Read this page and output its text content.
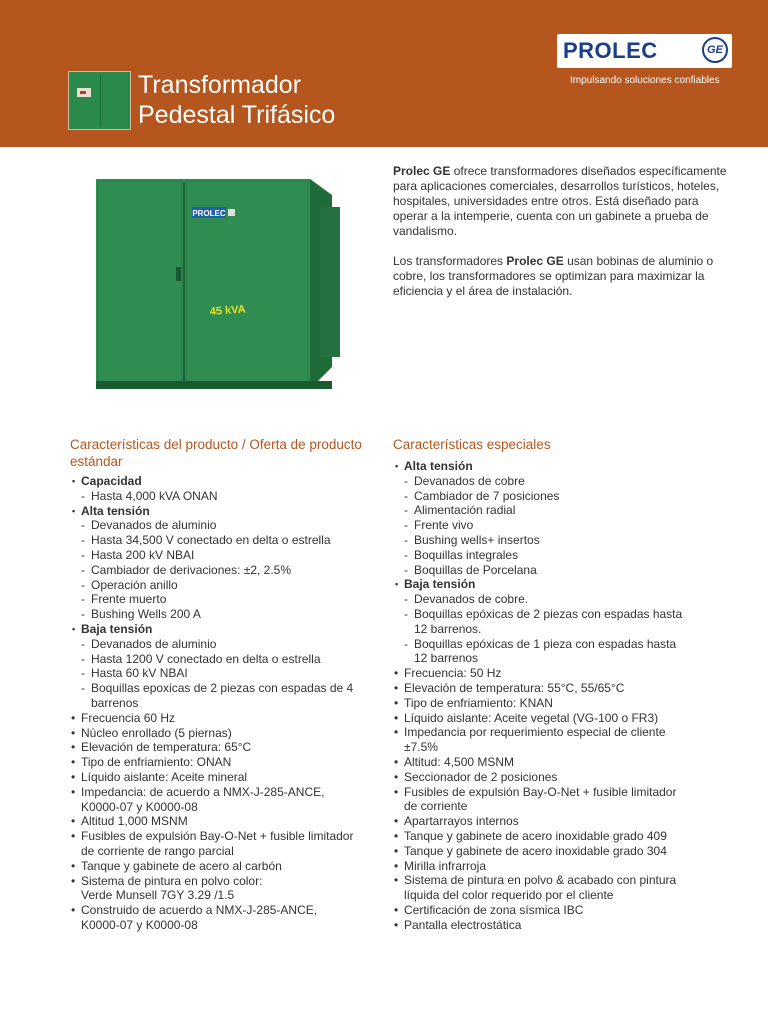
Transformador
Pedestal Trifásico
PROLEC	GE
Impulsando soluciones confiables
PROLEC
45 kVA

Prolec GE ofrece transformadores diseñados específicamente para aplicaciones comerciales, desarrollos turísticos, hoteles, hospitales, universidades entre otros. Está diseñado para operar a la intemperie, cuenta con un gabinete a prueba de vandalismo.

Los transformadores Prolec GE usan bobinas de aluminio o cobre, los transformadores se optimizan para maximizar la eficiencia y el área de instalación.

Características del producto / Oferta de producto estándar
Características especiales
• Capacidad
- Hasta 4,000 kVA ONAN
• Alta tensión
- Devanados de aluminio
- Hasta 34,500 V conectado en delta o estrella
- Hasta 200 kV NBAI
- Cambiador de derivaciones: ±2, 2.5%
- Operación anillo
- Frente muerto
- Bushing Wells 200 A
• Baja tensión
- Devanados de aluminio
- Hasta 1200 V conectado en delta o estrella
- Hasta 60 kV NBAI
- Boquillas epoxicas de 2 piezas con espadas de 4
barrenos
• Frecuencia 60 Hz
• Núcleo enrollado (5 piernas)
• Elevación de temperatura: 65°C
• Tipo de enfriamiento: ONAN
• Líquido aislante: Aceite mineral
• Impedancia: de acuerdo a NMX-J-285-ANCE,
K0000-07 y K0000-08
• Altitud 1,000 MSNM
• Fusibles de expulsión Bay-O-Net + fusible limitador
de corriente de rango parcial
• Tanque y gabinete de acero al carbón
• Sistema de pintura en polvo color:
Verde Munsell 7GY 3.29 /1.5
• Construido de acuerdo a NMX-J-285-ANCE,
K0000-07 y K0000-08
• Alta tensión
- Devanados de cobre
- Cambiador de 7 posiciones
- Alimentación radial
- Frente vivo
- Bushing wells+ insertos
- Boquillas integrales
- Boquillas de Porcelana
• Baja tensión
- Devanados de cobre.
- Boquillas epóxicas de 2 piezas con espadas hasta
12 barrenos.
- Boquillas epóxicas de 1 pieza con espadas hasta
12 barrenos
• Frecuencia: 50 Hz
• Elevación de temperatura: 55°C, 55/65°C
• Tipo de enfriamiento: KNAN
• Líquido aislante: Aceite vegetal (VG-100 o FR3)
• Impedancia por requerimiento especial de cliente
±7.5%
• Altitud: 4,500 MSNM
• Seccionador de 2 posiciones
• Fusibles de expulsión Bay-O-Net + fusible limitador
de corriente
• Apartarrayos internos
• Tanque y gabinete de acero inoxidable grado 409
• Tanque y gabinete de acero inoxidable grado 304
• Mirilla infrarroja
• Sistema de pintura en polvo & acabado con pintura
líquida del color requerido por el cliente
• Certificación de zona sísmica IBC
• Pantalla electrostática
